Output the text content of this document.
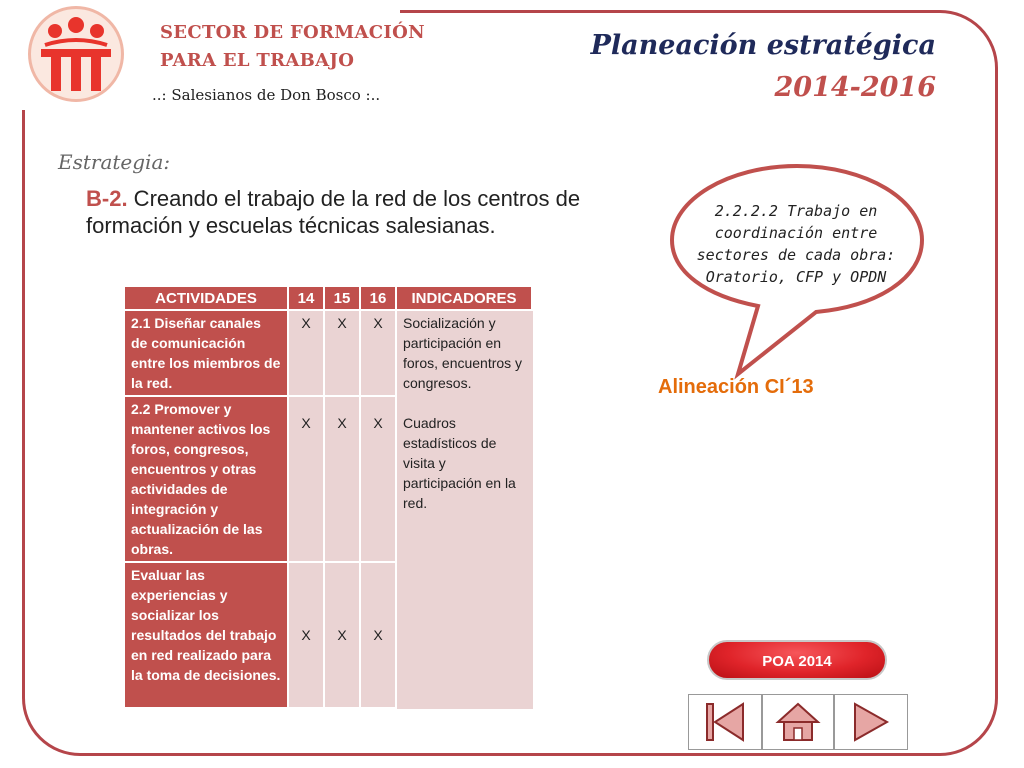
SECTOR DE FORMACIÓN
PARA EL TRABAJO
..: Salesianos de Don Bosco :..
Planeación estratégica
2014-2016
Estrategia:
B-2. Creando el trabajo de la red de los centros de formación y escuelas técnicas salesianas.
ACTIVIDADES	14	15	16	INDICADORES
2.1 Diseñar canales de comunicación entre los miembros de la red.	X	X	X	Socialización y participación en foros, encuentros y congresos.
Cuadros estadísticos de visita y participación en la red.

2.2 Promover y mantener activos los foros, congresos, encuentros y otras actividades de integración y actualización de las obras.	X	X	X	
Evaluar las experiencias y socializar los resultados del trabajo en red realizado para la toma de decisiones.	X	X	X	
2.2.2.2 Trabajo en coordinación entre sectores de cada obra: Oratorio, CFP y OPDN
Alineación CI´13
POA 2014
